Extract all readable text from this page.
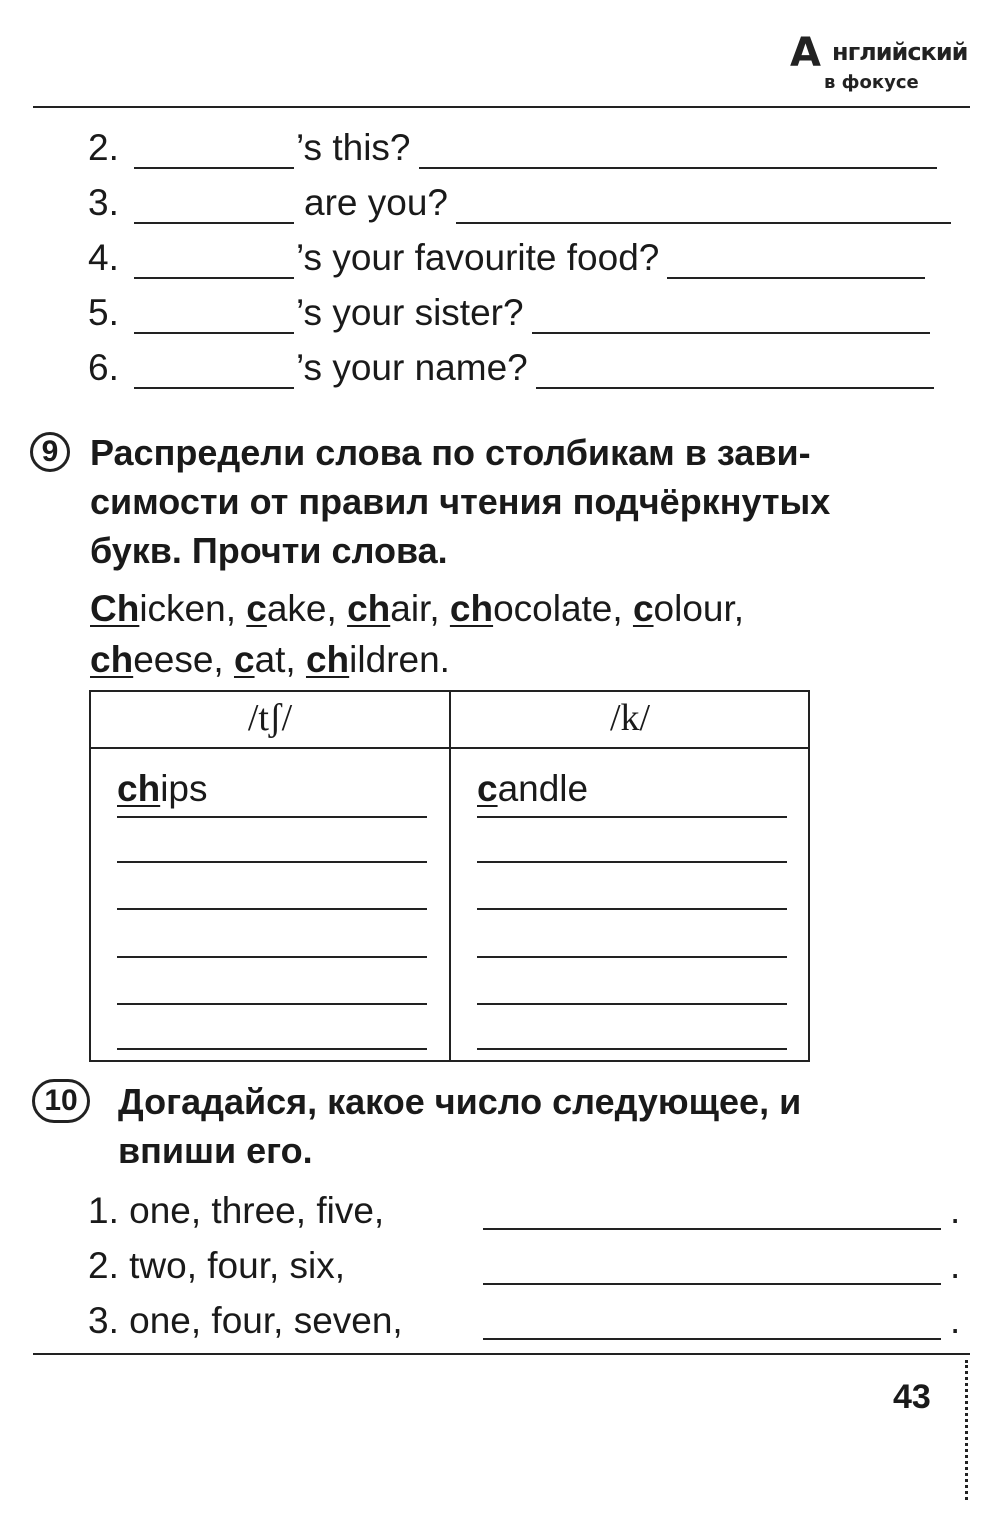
А нглийский
в фокусе
2.	’s this?
3.	are you?
4.	’s your favourite food?
5.	’s your sister?
6.	’s your name?
9 Распредели слова по столбикам в зави-
симости от правил чтения подчёркнутых
букв. Прочти слова.
Chicken, cake, chair, chocolate, colour,
cheese, cat, children.
/tʃ/	/k/
chips	candle
10	Догадайся, какое число следующее, и
впиши его.
1. one, three, five,	.
2. two, four, six,	.
3. one, four, seven,	.
43
